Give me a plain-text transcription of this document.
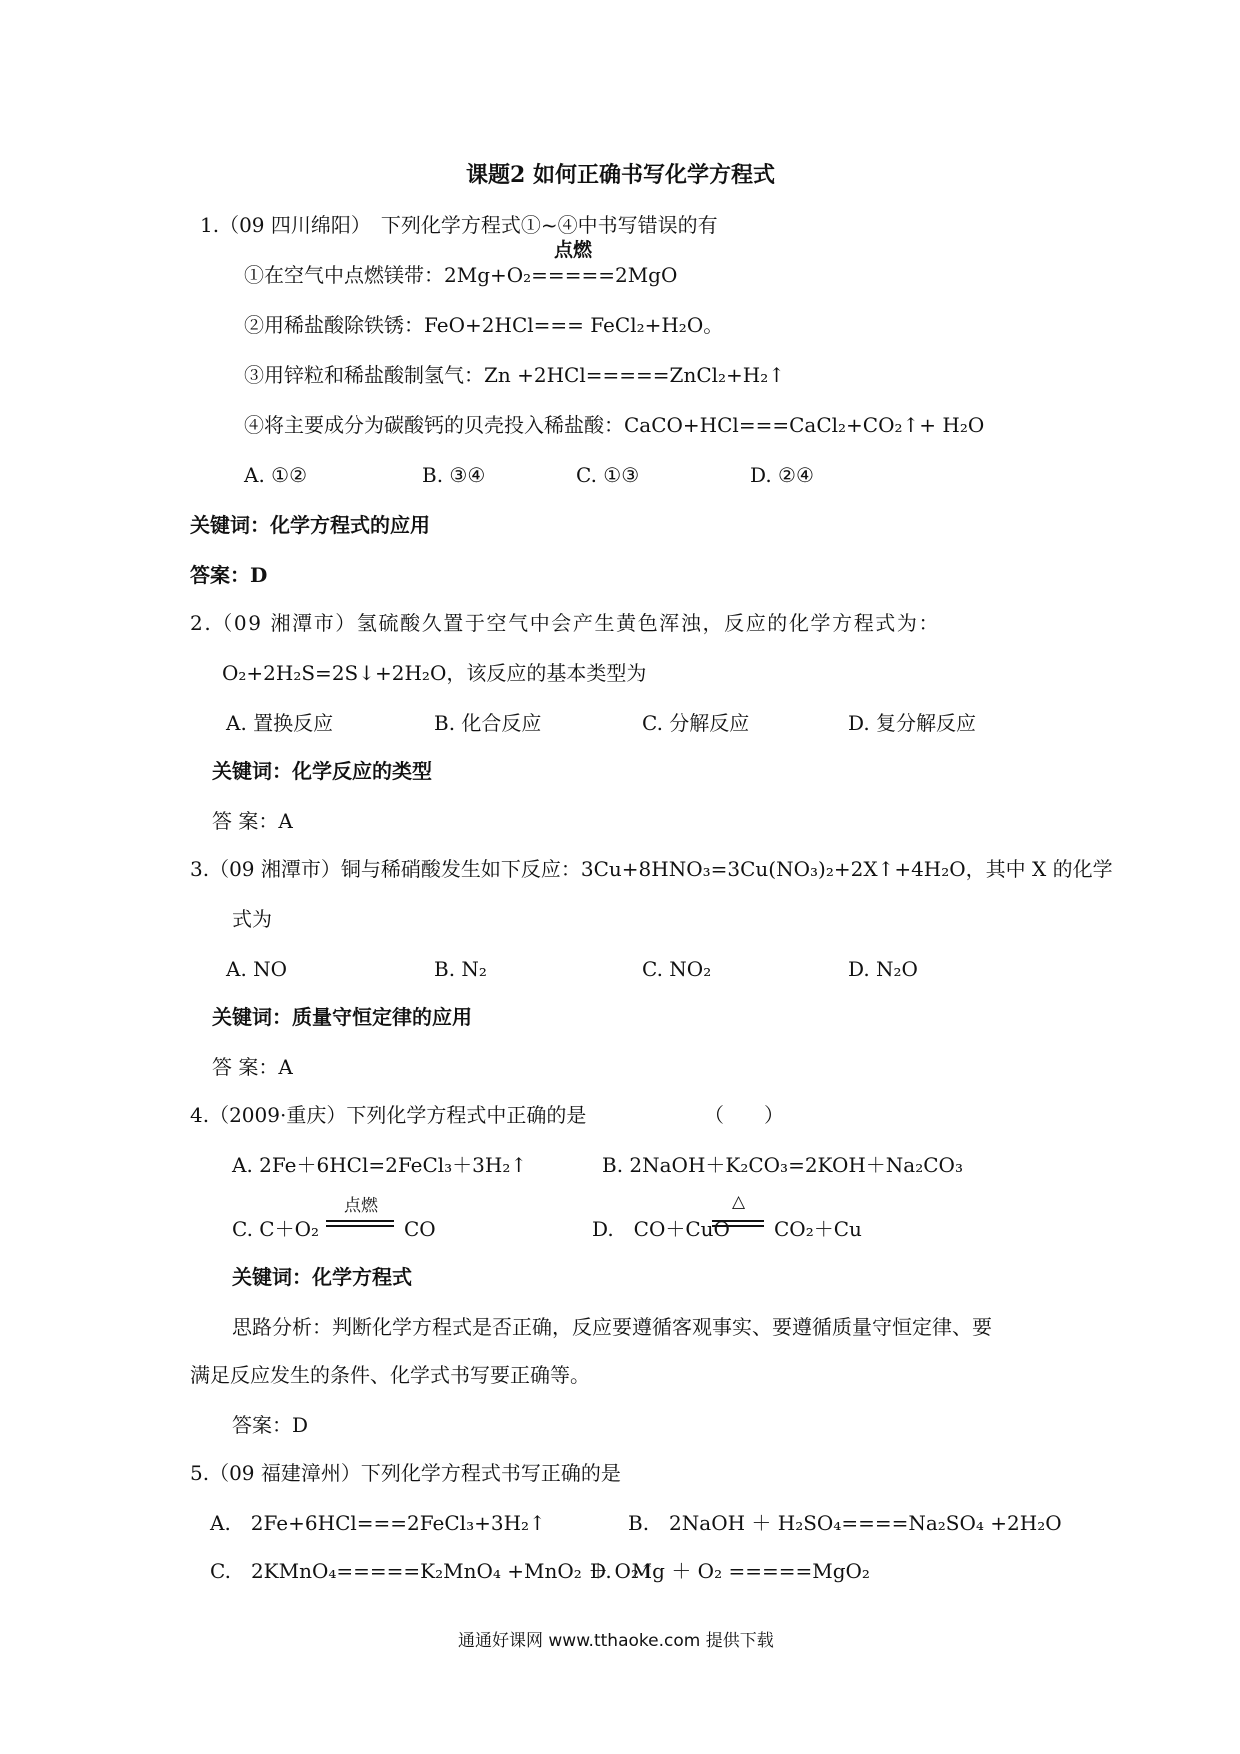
课题2 如何正确书写化学方程式
1.（09 四川绵阳）　下列化学方程式①~④中书写错误的有
点燃
①在空气中点燃镁带：2Mg+O₂=====2MgO
②用稀盐酸除铁锈：FeO+2HCl=== FeCl₂+H₂O。
③用锌粒和稀盐酸制氢气：Zn +2HCl=====ZnCl₂+H₂↑
④将主要成分为碳酸钙的贝壳投入稀盐酸：CaCO+HCl===CaCl₂+CO₂↑+ H₂O
A. ①②	B. ③④	C. ①③	D. ②④
关键词：化学方程式的应用
答案：D
2.（09 湘潭市）氢硫酸久置于空气中会产生黄色浑浊，反应的化学方程式为：
O₂+2H₂S=2S↓+2H₂O，该反应的基本类型为
A. 置换反应	B. 化合反应	C. 分解反应	D. 复分解反应
关键词：化学反应的类型
答 案：A
3.（09 湘潭市）铜与稀硝酸发生如下反应：3Cu+8HNO₃=3Cu(NO₃)₂+2X↑+4H₂O，其中 X 的化学
式为
A. NO	B. N₂	C. NO₂	D. N₂O
关键词：质量守恒定律的应用
答 案：A
4.（2009·重庆）下列化学方程式中正确的是	（　　）
A. 2Fe＋6HCl=2FeCl₃＋3H₂↑	B. 2NaOH＋K₂CO₃=2KOH＋Na₂CO₃
C. C＋O₂
点燃
CO	D.　CO＋CuO
△
CO₂＋Cu
关键词：化学方程式
思路分析：判断化学方程式是否正确，反应要遵循客观事实、要遵循质量守恒定律、要
满足反应发生的条件、化学式书写要正确等。
答案：D
5.（09 福建漳州）下列化学方程式书写正确的是
A.　2Fe+6HCl===2FeCl₃+3H₂↑	B.　2NaOH ＋ H₂SO₄====Na₂SO₄ +2H₂O
C.　2KMnO₄=====K₂MnO₄ +MnO₂ ＋ O₂↑
D.　Mg ＋ O₂ =====MgO₂
通通好课网 www.tthaoke.com 提供下载
